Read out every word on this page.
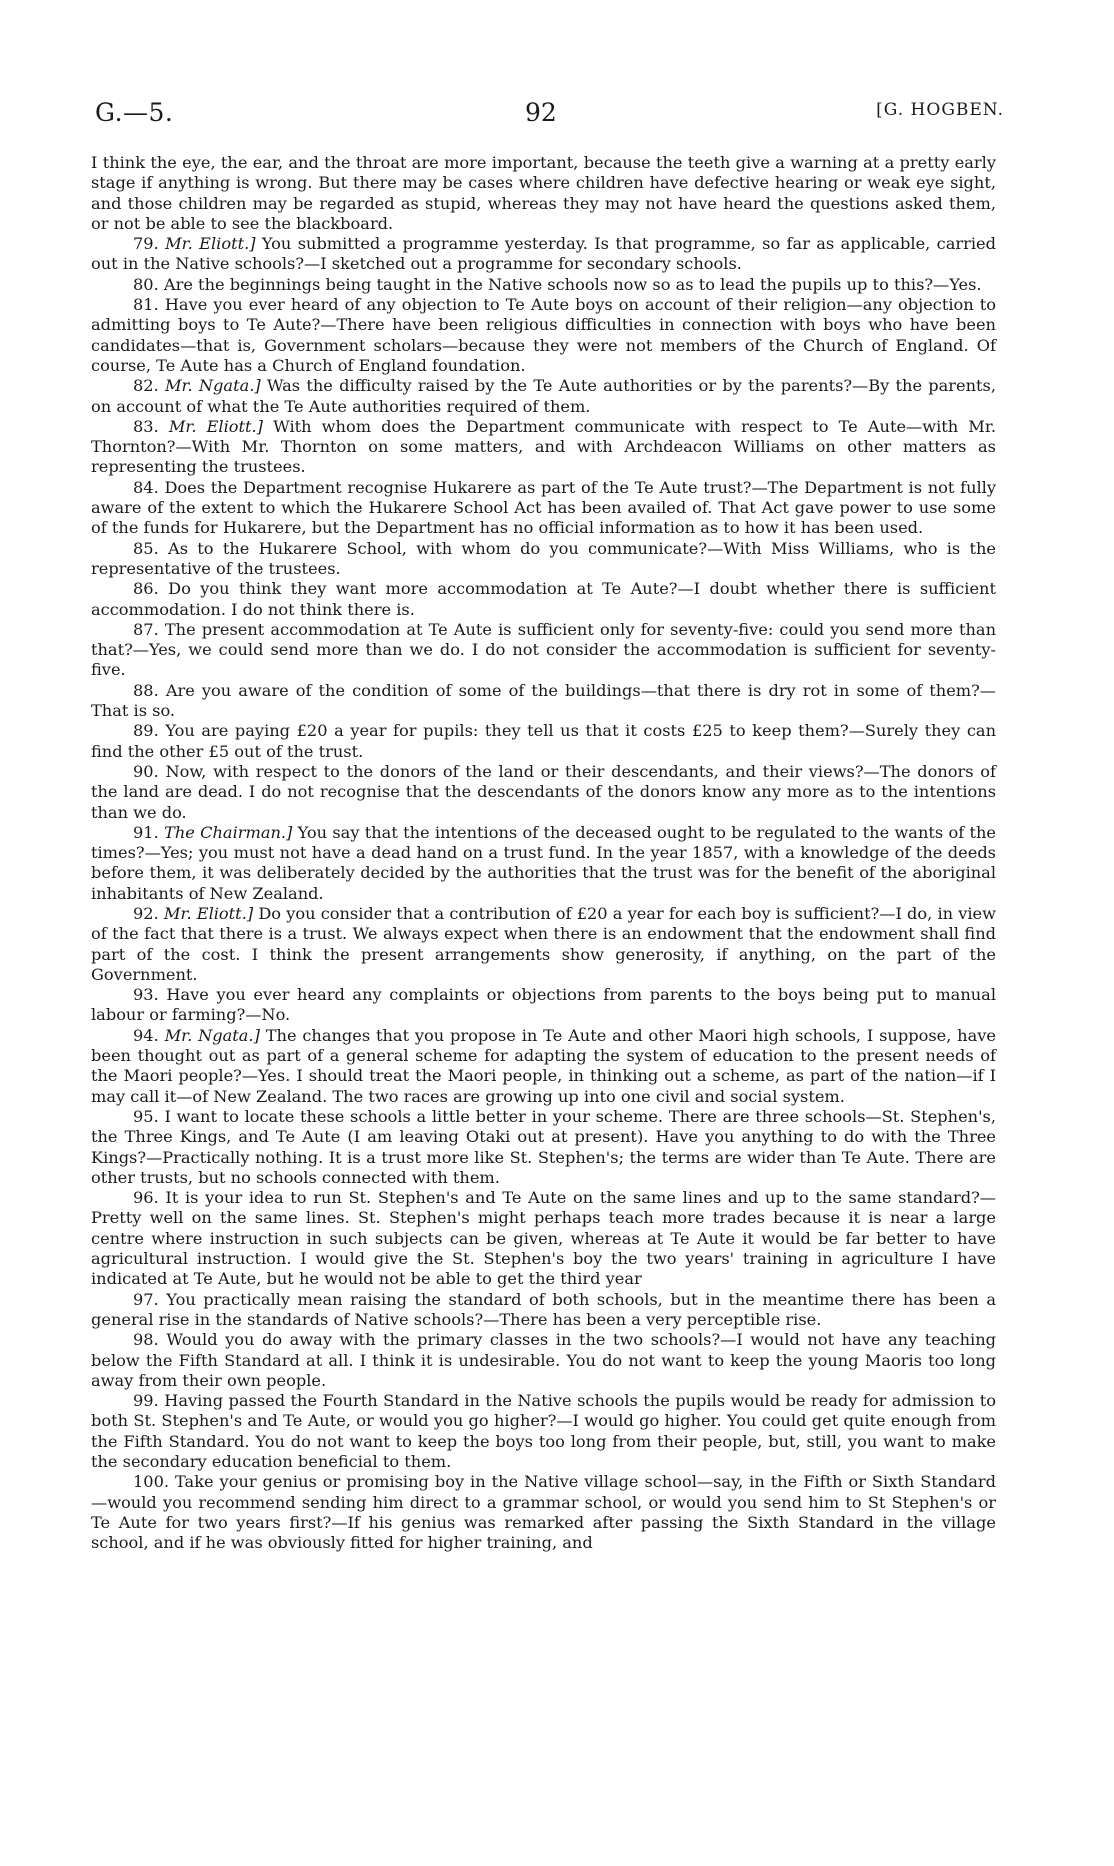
G.—5.	92	[G. HOGBEN.

I think the eye, the ear, and the throat are more important, because the teeth give a warning at a pretty early stage if anything is wrong. But there may be cases where children have defective hearing or weak eye sight, and those children may be regarded as stupid, whereas they may not have heard the questions asked them, or not be able to see the blackboard.

79. Mr. Eliott.] You submitted a programme yesterday. Is that programme, so far as applicable, carried out in the Native schools?—I sketched out a programme for secondary schools.

80. Are the beginnings being taught in the Native schools now so as to lead the pupils up to this?—Yes.

81. Have you ever heard of any objection to Te Aute boys on account of their religion—any objection to admitting boys to Te Aute?—There have been religious difficulties in connection with boys who have been candidates—that is, Government scholars—because they were not members of the Church of England. Of course, Te Aute has a Church of England foundation.

82. Mr. Ngata.] Was the difficulty raised by the Te Aute authorities or by the parents?—By the parents, on account of what the Te Aute authorities required of them.

83. Mr. Eliott.] With whom does the Department communicate with respect to Te Aute—with Mr. Thornton?—With Mr. Thornton on some matters, and with Archdeacon Williams on other matters as representing the trustees.

84. Does the Department recognise Hukarere as part of the Te Aute trust?—The Department is not fully aware of the extent to which the Hukarere School Act has been availed of. That Act gave power to use some of the funds for Hukarere, but the Department has no official information as to how it has been used.

85. As to the Hukarere School, with whom do you communicate?—With Miss Williams, who is the representative of the trustees.

86. Do you think they want more accommodation at Te Aute?—I doubt whether there is sufficient accommodation. I do not think there is.

87. The present accommodation at Te Aute is sufficient only for seventy-five: could you send more than that?—Yes, we could send more than we do. I do not consider the accommodation is sufficient for seventy-five.

88. Are you aware of the condition of some of the buildings—that there is dry rot in some of them?—That is so.

89. You are paying £20 a year for pupils: they tell us that it costs £25 to keep them?—Surely they can find the other £5 out of the trust.

90. Now, with respect to the donors of the land or their descendants, and their views?—The donors of the land are dead. I do not recognise that the descendants of the donors know any more as to the intentions than we do.

91. The Chairman.] You say that the intentions of the deceased ought to be regulated to the wants of the times?—Yes; you must not have a dead hand on a trust fund. In the year 1857, with a knowledge of the deeds before them, it was deliberately decided by the authorities that the trust was for the benefit of the aboriginal inhabitants of New Zealand.

92. Mr. Eliott.] Do you consider that a contribution of £20 a year for each boy is sufficient?—I do, in view of the fact that there is a trust. We always expect when there is an endowment that the endowment shall find part of the cost. I think the present arrangements show generosity, if anything, on the part of the Government.

93. Have you ever heard any complaints or objections from parents to the boys being put to manual labour or farming?—No.

94. Mr. Ngata.] The changes that you propose in Te Aute and other Maori high schools, I suppose, have been thought out as part of a general scheme for adapting the system of education to the present needs of the Maori people?—Yes. I should treat the Maori people, in thinking out a scheme, as part of the nation—if I may call it—of New Zealand. The two races are growing up into one civil and social system.

95. I want to locate these schools a little better in your scheme. There are three schools—St. Stephen's, the Three Kings, and Te Aute (I am leaving Otaki out at present). Have you anything to do with the Three Kings?—Practically nothing. It is a trust more like St. Stephen's; the terms are wider than Te Aute. There are other trusts, but no schools connected with them.

96. It is your idea to run St. Stephen's and Te Aute on the same lines and up to the same standard?—Pretty well on the same lines. St. Stephen's might perhaps teach more trades because it is near a large centre where instruction in such subjects can be given, whereas at Te Aute it would be far better to have agricultural instruction. I would give the St. Stephen's boy the two years' training in agriculture I have indicated at Te Aute, but he would not be able to get the third year

97. You practically mean raising the standard of both schools, but in the meantime there has been a general rise in the standards of Native schools?—There has been a very perceptible rise.

98. Would you do away with the primary classes in the two schools?—I would not have any teaching below the Fifth Standard at all. I think it is undesirable. You do not want to keep the young Maoris too long away from their own people.

99. Having passed the Fourth Standard in the Native schools the pupils would be ready for admission to both St. Stephen's and Te Aute, or would you go higher?—I would go higher. You could get quite enough from the Fifth Standard. You do not want to keep the boys too long from their people, but, still, you want to make the secondary education beneficial to them.

100. Take your genius or promising boy in the Native village school—say, in the Fifth or Sixth Standard—would you recommend sending him direct to a grammar school, or would you send him to St Stephen's or Te Aute for two years first?—If his genius was remarked after passing the Sixth Standard in the village school, and if he was obviously fitted for higher training, and
